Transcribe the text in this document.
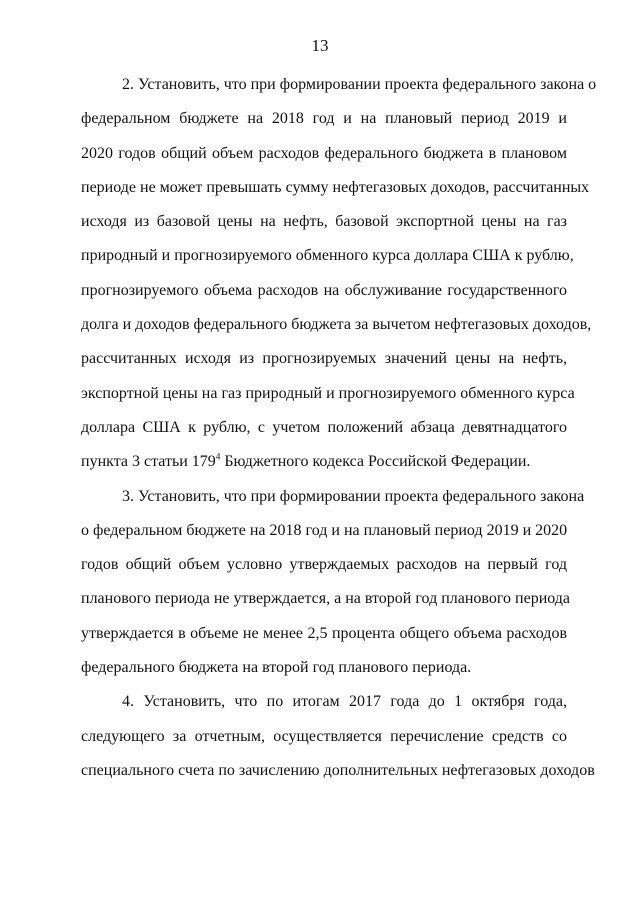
13
2. Установить, что при формировании проекта федерального закона о
федеральном бюджете на 2018 год и на плановый период 2019 и
2020 годов общий объем расходов федерального бюджета в плановом
периоде не может превышать сумму нефтегазовых доходов, рассчитанных
исходя из базовой цены на нефть, базовой экспортной цены на газ
природный и прогнозируемого обменного курса доллара США к рублю,
прогнозируемого объема расходов на обслуживание государственного
долга и доходов федерального бюджета за вычетом нефтегазовых доходов,
рассчитанных исходя из прогнозируемых значений цены на нефть,
экспортной цены на газ природный и прогнозируемого обменного курса
доллара США к рублю, с учетом положений абзаца девятнадцатого
пункта 3 статьи $179^4$ Бюджетного кодекса Российской Федерации.
3. Установить, что при формировании проекта федерального закона
о федеральном бюджете на 2018 год и на плановый период 2019 и 2020
годов общий объем условно утверждаемых расходов на первый год
планового периода не утверждается, а на второй год планового периода
утверждается в объеме не менее 2,5 процента общего объема расходов
федерального бюджета на второй год планового периода.
4. Установить, что по итогам 2017 года до 1 октября года,
следующего за отчетным, осуществляется перечисление средств со
специального счета по зачислению дополнительных нефтегазовых доходов
